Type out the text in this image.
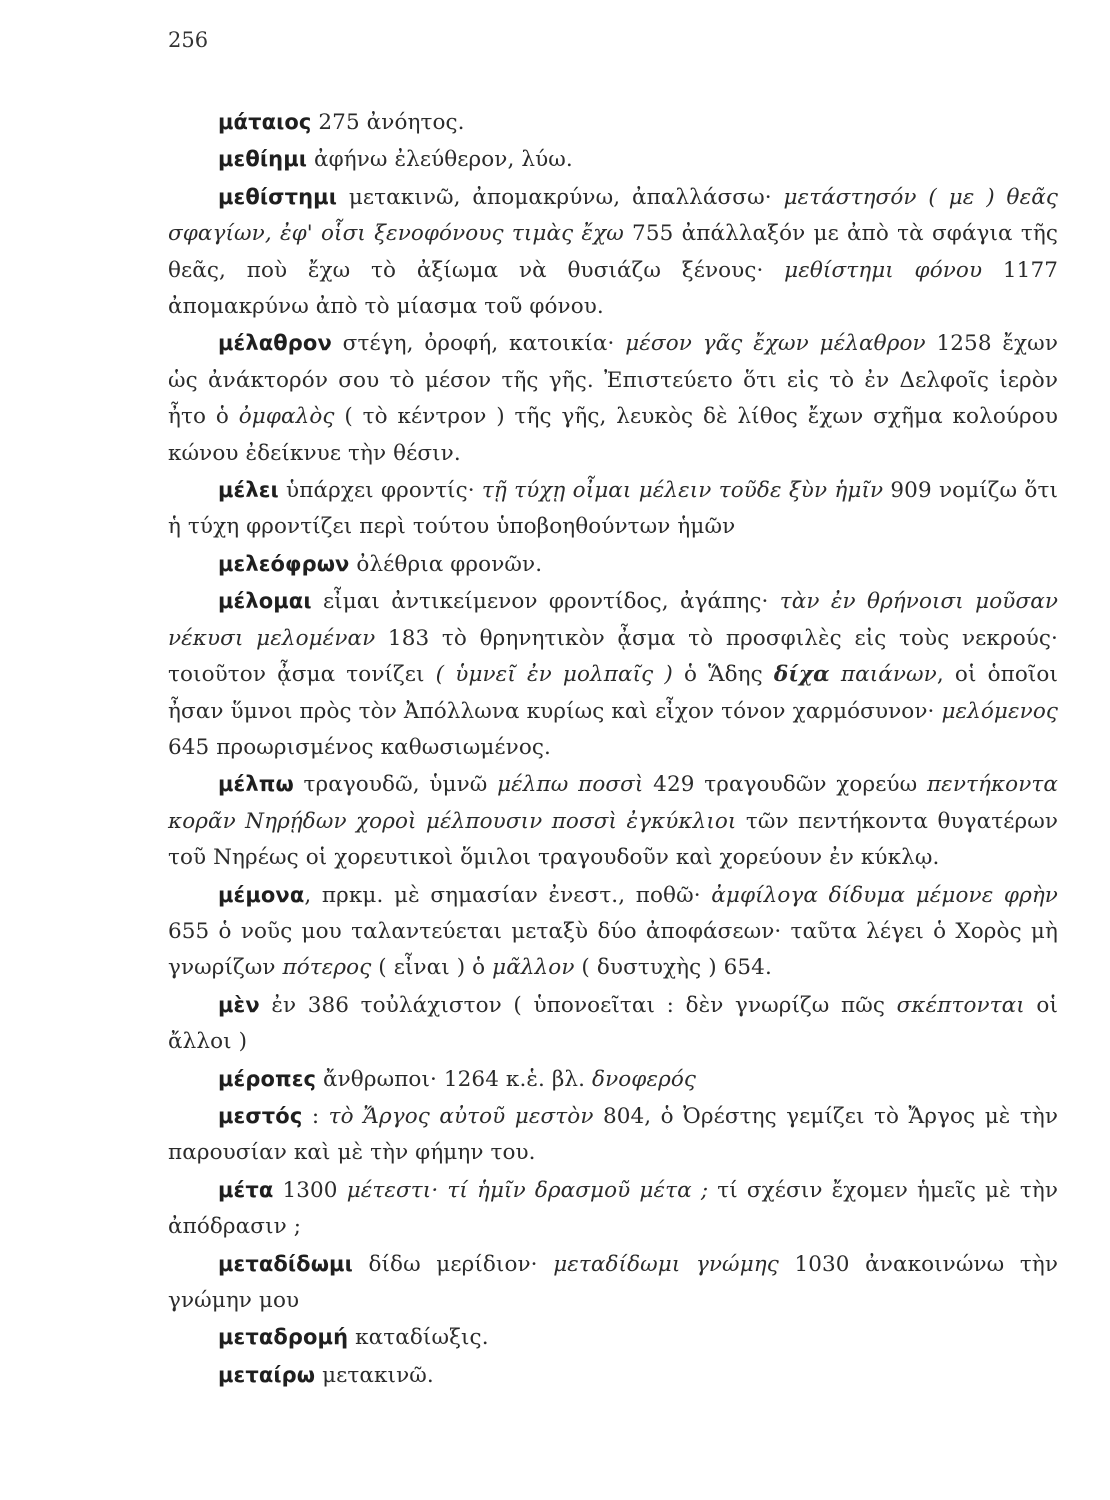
256

μάταιος 275 ἀνόητος.

μεθίημι ἀφήνω ἐλεύθερον, λύω.

μεθίστημι μετακινῶ, ἀπομακρύνω, ἀπαλλάσσω· μετάστησόν ( με ) θεᾶς σφαγίων, ἐφ' οἷσι ξενοφόνους τιμὰς ἔχω 755 ἀπάλλαξόν με ἀπὸ τὰ σφάγια τῆς θεᾶς, ποὺ ἔχω τὸ ἀξίωμα νὰ θυσιάζω ξένους· μεθίστημι φόνου 1177 ἀπομακρύνω ἀπὸ τὸ μίασμα τοῦ φόνου.

μέλαθρον στέγη, ὀροφή, κατοικία· μέσον γᾶς ἔχων μέλαθρον 1258 ἔχων ὡς ἀνάκτορόν σου τὸ μέσον τῆς γῆς. Ἐπιστεύετο ὅτι εἰς τὸ ἐν Δελφοῖς ἱερὸν ἦτο ὁ ὀμφαλὸς ( τὸ κέντρον ) τῆς γῆς, λευκὸς δὲ λίθος ἔχων σχῆμα κολούρου κώνου ἐδείκνυε τὴν θέσιν.

μέλει ὑπάρχει φροντίς· τῇ τύχῃ οἶμαι μέλειν τοῦδε ξὺν ἡμῖν 909 νομίζω ὅτι ἡ τύχη φροντίζει περὶ τούτου ὑποβοηθούντων ἡμῶν

μελεόφρων ὀλέθρια φρονῶν.

μέλομαι εἶμαι ἀντικείμενον φροντίδος, ἀγάπης· τὰν ἐν θρήνοισι μοῦσαν νέκυσι μελομέναν 183 τὸ θρηνητικὸν ᾆσμα τὸ προσφιλὲς εἰς τοὺς νεκρούς· τοιοῦτον ᾆσμα τονίζει ( ὑμνεῖ ἐν μολπαῖς ) ὁ Ἅδης δίχα παιάνων, οἱ ὁποῖοι ἦσαν ὕμνοι πρὸς τὸν Ἀπόλλωνα κυρίως καὶ εἶχον τόνον χαρμόσυνον· μελόμενος 645 προωρισμένος καθωσιωμένος.

μέλπω τραγουδῶ, ὑμνῶ μέλπω ποσσὶ 429 τραγουδῶν χορεύω πεντήκοντα κορᾶν Νηρῄδων χοροὶ μέλπουσιν ποσσὶ ἐγκύκλιοι τῶν πεντήκοντα θυγατέρων τοῦ Νηρέως οἱ χορευτικοὶ ὅμιλοι τραγουδοῦν καὶ χορεύουν ἐν κύκλῳ.

μέμονα, πρκμ. μὲ σημασίαν ἐνεστ., ποθῶ· ἀμφίλογα δίδυμα μέμονε φρὴν 655 ὁ νοῦς μου ταλαντεύεται μεταξὺ δύο ἀποφάσεων· ταῦτα λέγει ὁ Χορὸς μὴ γνωρίζων πότερος ( εἶναι ) ὁ μᾶλλον ( δυστυχὴς ) 654.

μὲν ἐν 386 τοὐλάχιστον ( ὑπονοεῖται : δὲν γνωρίζω πῶς σκέπτονται οἱ ἄλλοι )

μέροπες ἄνθρωποι· 1264 κ.ἑ. βλ. δνοφερός

μεστός : τὸ Ἄργος αὐτοῦ μεστὸν 804, ὁ Ὀρέστης γεμίζει τὸ Ἄργος μὲ τὴν παρουσίαν καὶ μὲ τὴν φήμην του.

μέτα 1300 μέτεστι· τί ἡμῖν δρασμοῦ μέτα ; τί σχέσιν ἔχομεν ἡμεῖς μὲ τὴν ἀπόδρασιν ;

μεταδίδωμι δίδω μερίδιον· μεταδίδωμι γνώμης 1030 ἀνακοινώνω τὴν γνώμην μου

μεταδρομή καταδίωξις.

μεταίρω μετακινῶ.
